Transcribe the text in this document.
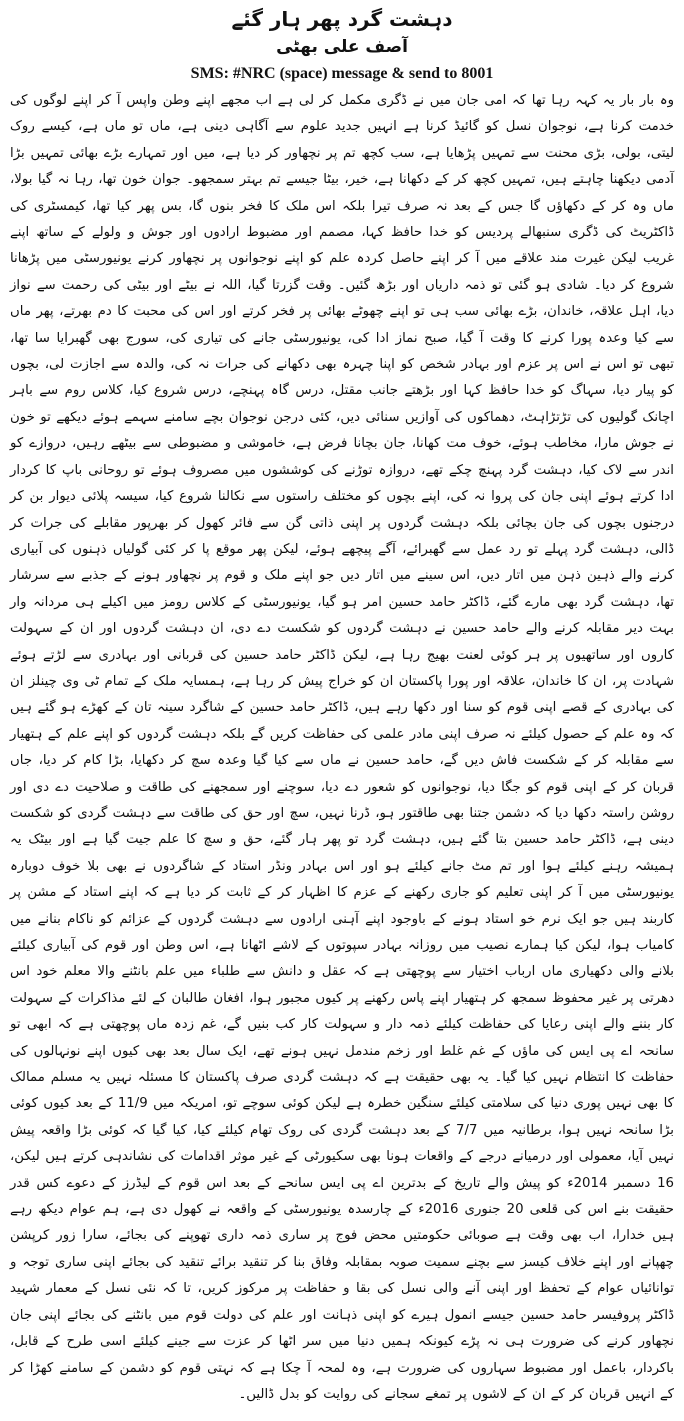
دہشت گرد پھر ہار گئے
آصف علی بھٹی
SMS: #NRC (space) message & send to 8001

وہ بار بار یہ کہہ رہا تھا کہ امی جان میں نے ڈگری مکمل کر لی ہے اب مجھے اپنے وطن واپس آ کر اپنے لوگوں کی خدمت کرنا ہے، نوجوان نسل کو گائیڈ کرنا ہے انہیں جدید علوم سے آگاہی دینی ہے، ماں تو ماں ہے، کیسے روک لیتی، بولی، بڑی محنت سے تمہیں پڑھایا ہے، سب کچھ تم پر نچھاور کر دیا ہے، میں اور تمہارے بڑے بھائی تمہیں بڑا آدمی دیکھنا چاہتے ہیں، تمہیں کچھ کر کے دکھانا ہے، خیر، بیٹا جیسے تم بہتر سمجھو۔ جوان خون تھا، رہا نہ گیا بولا، ماں وہ کر کے دکھاؤں گا جس کے بعد نہ صرف تیرا بلکہ اس ملک کا فخر بنوں گا، بس پھر کیا تھا، کیمسٹری کی ڈاکٹریٹ کی ڈگری سنبھالے پردیس کو خدا حافظ کہا، مصمم اور مضبوط ارادوں اور جوش و ولولے کے ساتھ اپنے غریب لیکن غیرت مند علاقے میں آ کر اپنے حاصل کردہ علم کو اپنے نوجوانوں پر نچھاور کرنے یونیورسٹی میں پڑھانا شروع کر دیا۔ شادی ہو گئی تو ذمہ داریاں اور بڑھ گئیں۔ وقت گزرتا گیا، اللہ نے بیٹے اور بیٹی کی رحمت سے نواز دیا، اہل علاقہ، خاندان، بڑے بھائی سب ہی تو اپنے چھوٹے بھائی پر فخر کرتے اور اس کی محبت کا دم بھرتے، پھر ماں سے کیا وعدہ پورا کرنے کا وقت آ گیا، صبح نماز ادا کی، یونیورسٹی جانے کی تیاری کی، سورج بھی گھبرایا سا تھا، تبھی تو اس نے اس پر عزم اور بہادر شخص کو اپنا چہرہ بھی دکھانے کی جرات نہ کی، والدہ سے اجازت لی، بچوں کو پیار دیا، سہاگ کو خدا حافظ کہا اور بڑھتے جانب مقتل، درس گاہ پہنچے، درس شروع کیا، کلاس روم سے باہر اچانک گولیوں کی تڑتڑاہٹ، دھماکوں کی آوازیں سنائی دیں، کئی درجن نوجوان بچے سامنے سہمے ہوئے دیکھے تو خون نے جوش مارا، مخاطب ہوئے، خوف مت کھانا، جان بچانا فرض ہے، خاموشی و مضبوطی سے بیٹھے رہیں، دروازے کو اندر سے لاک کیا، دہشت گرد پہنچ چکے تھے، دروازہ توڑنے کی کوششوں میں مصروف ہوئے تو روحانی باپ کا کردار ادا کرتے ہوئے اپنی جان کی پروا نہ کی، اپنے بچوں کو مختلف راستوں سے نکالنا شروع کیا، سیسہ پلائی دیوار بن کر درجنوں بچوں کی جان بچائی بلکہ دہشت گردوں پر اپنی ذاتی گن سے فائر کھول کر بھرپور مقابلے کی جرات کر ڈالی، دہشت گرد پہلے تو رد عمل سے گھبرائے، آگے پیچھے ہوئے، لیکن پھر موقع پا کر کئی گولیاں ذہنوں کی آبیاری کرنے والے ذہین ذہن میں اتار دیں، اس سینے میں اتار دیں جو اپنے ملک و قوم پر نچھاور ہونے کے جذبے سے سرشار تھا، دہشت گرد بھی مارے گئے، ڈاکٹر حامد حسین امر ہو گیا، یونیورسٹی کے کلاس رومز میں اکیلے ہی مردانہ وار بہت دیر مقابلہ کرنے والے حامد حسین نے دہشت گردوں کو شکست دے دی، ان دہشت گردوں اور ان کے سہولت کاروں اور ساتھیوں پر ہر کوئی لعنت بھیج رہا ہے، لیکن ڈاکٹر حامد حسین کی قربانی اور بہادری سے لڑتے ہوئے شہادت پر، ان کا خاندان، علاقہ اور پورا پاکستان ان کو خراج پیش کر رہا ہے، ہمسایہ ملک کے تمام ٹی وی چینلز ان کی بہادری کے قصے اپنی قوم کو سنا اور دکھا رہے ہیں، ڈاکٹر حامد حسین کے شاگرد سینہ تان کے کھڑے ہو گئے ہیں کہ وہ علم کے حصول کیلئے نہ صرف اپنی مادر علمی کی حفاظت کریں گے بلکہ دہشت گردوں کو اپنے علم کے ہتھیار سے مقابلہ کر کے شکست فاش دیں گے، حامد حسین نے ماں سے کیا گیا وعدہ سچ کر دکھایا، بڑا کام کر دیا، جاں قربان کر کے اپنی قوم کو جگا دیا، نوجوانوں کو شعور دے دیا، سوچنے اور سمجھنے کی طاقت و صلاحیت دے دی اور روشن راستہ دکھا دیا کہ دشمن جتنا بھی طاقتور ہو، ڈرنا نہیں، سچ اور حق کی طاقت سے دہشت گردی کو شکست دینی ہے، ڈاکٹر حامد حسین بتا گئے ہیں، دہشت گرد تو پھر ہار گئے، حق و سچ کا علم جیت گیا ہے اور بیٹک یہ ہمیشہ رہنے کیلئے ہوا اور تم مٹ جانے کیلئے ہو اور اس بہادر ونڈر استاد کے شاگردوں نے بھی بلا خوف دوبارہ یونیورسٹی میں آ کر اپنی تعلیم کو جاری رکھنے کے عزم کا اظہار کر کے ثابت کر دیا ہے کہ اپنے استاد کے مشن پر کاربند ہیں جو ایک نرم خو استاد ہونے کے باوجود اپنے آہنی ارادوں سے دہشت گردوں کے عزائم کو ناکام بنانے میں کامیاب ہوا، لیکن کیا ہمارے نصیب میں روزانہ بہادر سپوتوں کے لاشے اٹھانا ہے، اس وطن اور قوم کی آبیاری کیلئے بلانے والی دکھیاری ماں ارباب اختیار سے پوچھتی ہے کہ عقل و دانش سے طلباء میں علم بانٹنے والا معلم خود اس دھرتی پر غیر محفوظ سمجھ کر ہتھیار اپنے پاس رکھنے پر کیوں مجبور ہوا، افغان طالبان کے لئے مذاکرات کے سہولت کار بننے والے اپنی رعایا کی حفاظت کیلئے ذمہ دار و سہولت کار کب بنیں گے، غم زدہ ماں پوچھتی ہے کہ ابھی تو سانحہ اے پی ایس کی ماؤں کے غم غلط اور زخم مندمل نہیں ہونے تھے، ایک سال بعد بھی کیوں اپنے نونہالوں کی حفاظت کا انتظام نہیں کیا گیا۔ یہ بھی حقیقت ہے کہ دہشت گردی صرف پاکستان کا مسئلہ نہیں یہ مسلم ممالک کا بھی نہیں پوری دنیا کی سلامتی کیلئے سنگین خطرہ ہے لیکن کوئی سوچے تو، امریکہ میں 11/9 کے بعد کیوں کوئی بڑا سانحہ نہیں ہوا، برطانیہ میں 7/7 کے بعد دہشت گردی کی روک تھام کیلئے کیا، کیا گیا کہ کوئی بڑا واقعہ پیش نہیں آیا، معمولی اور درمیانے درجے کے واقعات ہونا بھی سکیورٹی کے غیر موثر اقدامات کی نشاندہی کرتے ہیں لیکن، 16 دسمبر 2014ء کو پیش والے تاریخ کے بدترین اے پی ایس سانحے کے بعد اس قوم کے لیڈرز کے دعوے کس قدر حقیقت بنے اس کی قلعی 20 جنوری 2016ء کے چارسدہ یونیورسٹی کے واقعہ نے کھول دی ہے، ہم عوام دیکھ رہے ہیں خدارا، اب بھی وقت ہے صوبائی حکومتیں محض فوج پر ساری ذمہ داری تھوپنے کی بجائے، سارا زور کرپشن چھپانے اور اپنے خلاف کیسز سے بچنے سمیت صوبہ بمقابلہ وفاق بنا کر تنقید برائے تنقید کی بجائے اپنی ساری توجہ و توانائیاں عوام کے تحفظ اور اپنی آنے والی نسل کی بقا و حفاظت پر مرکوز کریں، تا کہ نئی نسل کے معمار شہید ڈاکٹر پروفیسر حامد حسین جیسے انمول ہیرے کو اپنی ذہانت اور علم کی دولت قوم میں بانٹنے کی بجائے اپنی جان نچھاور کرنے کی ضرورت ہی نہ پڑے کیونکہ ہمیں دنیا میں سر اٹھا کر عزت سے جینے کیلئے اسی طرح کے قابل، باکردار، باعمل اور مضبوط سہاروں کی ضرورت ہے، وہ لمحہ آ چکا ہے کہ نہتی قوم کو دشمن کے سامنے کھڑا کر کے انہیں قربان کر کے ان کے لاشوں پر تمغے سجانے کی روایت کو بدل ڈالیں۔
